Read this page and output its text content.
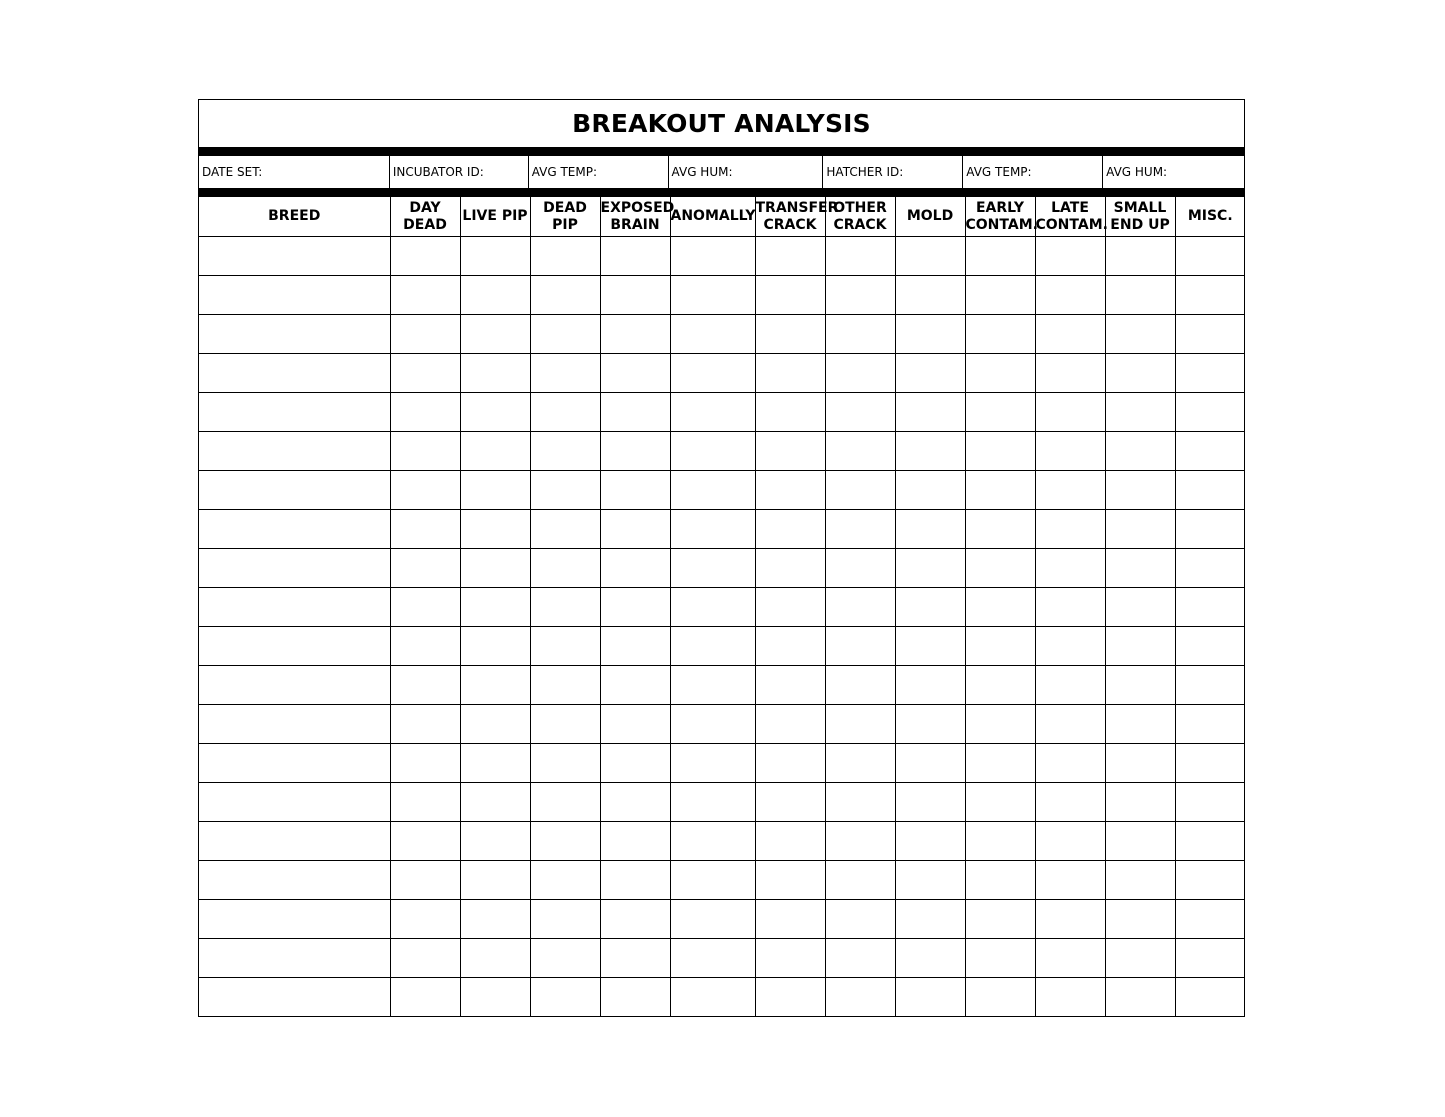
BREAKOUT ANALYSIS
DATE SET:	INCUBATOR ID:	AVG TEMP:	AVG HUM:	HATCHER ID:	AVG TEMP:	AVG HUM:
BREED	DAY DEAD	LIVE PIP	DEAD PIP	EXPOSED BRAIN	ANOMALLY	TRANSFER CRACK	OTHER CRACK	MOLD	EARLY CONTAM.	LATE CONTAM.	SMALL END UP	MISC.
